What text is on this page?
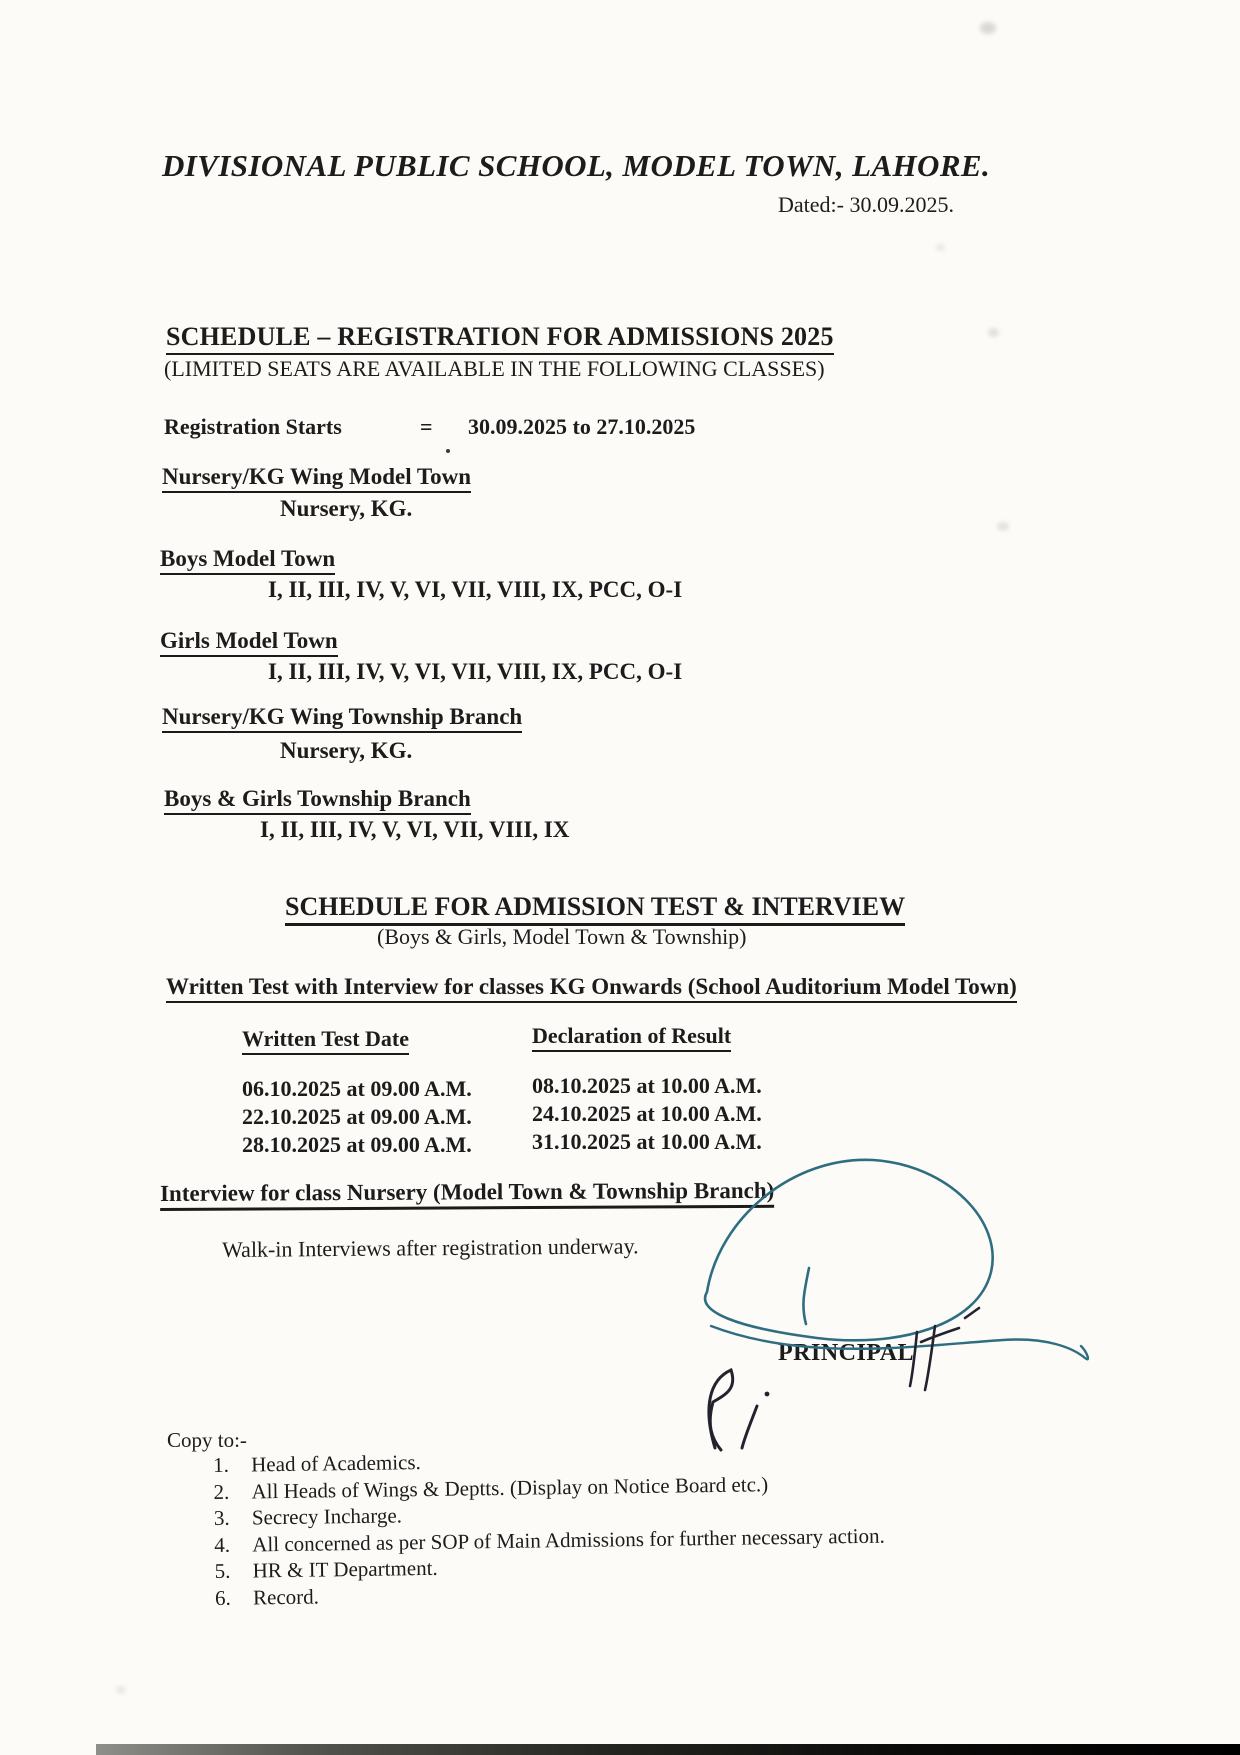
DIVISIONAL PUBLIC SCHOOL, MODEL TOWN, LAHORE.
Dated:- 30.09.2025.
SCHEDULE – REGISTRATION FOR ADMISSIONS 2025
(LIMITED SEATS ARE AVAILABLE IN THE FOLLOWING CLASSES)
Registration Starts	= 30.09.2025 to 27.10.2025
Nursery/KG Wing Model Town
Nursery, KG.
Boys Model Town
I, II, III, IV, V, VI, VII, VIII, IX, PCC, O-I
Girls Model Town
I, II, III, IV, V, VI, VII, VIII, IX, PCC, O-I
Nursery/KG Wing Township Branch
Nursery, KG.
Boys & Girls Township Branch
I, II, III, IV, V, VI, VII, VIII, IX
SCHEDULE FOR ADMISSION TEST & INTERVIEW
(Boys & Girls, Model Town & Township)
Written Test with Interview for classes KG Onwards (School Auditorium Model Town)
Written Test Date	Declaration of Result
06.10.2025 at 09.00 A.M.	08.10.2025 at 10.00 A.M.
22.10.2025 at 09.00 A.M.	24.10.2025 at 10.00 A.M.
28.10.2025 at 09.00 A.M.	31.10.2025 at 10.00 A.M.
Interview for class Nursery (Model Town & Township Branch)
Walk-in Interviews after registration underway.
PRINCIPAL
Copy to:-
1.	Head of Academics.
2.	All Heads of Wings & Deptts. (Display on Notice Board etc.)
3.	Secrecy Incharge.
4.	All concerned as per SOP of Main Admissions for further necessary action.
5.	HR & IT Department.
6.	Record.
